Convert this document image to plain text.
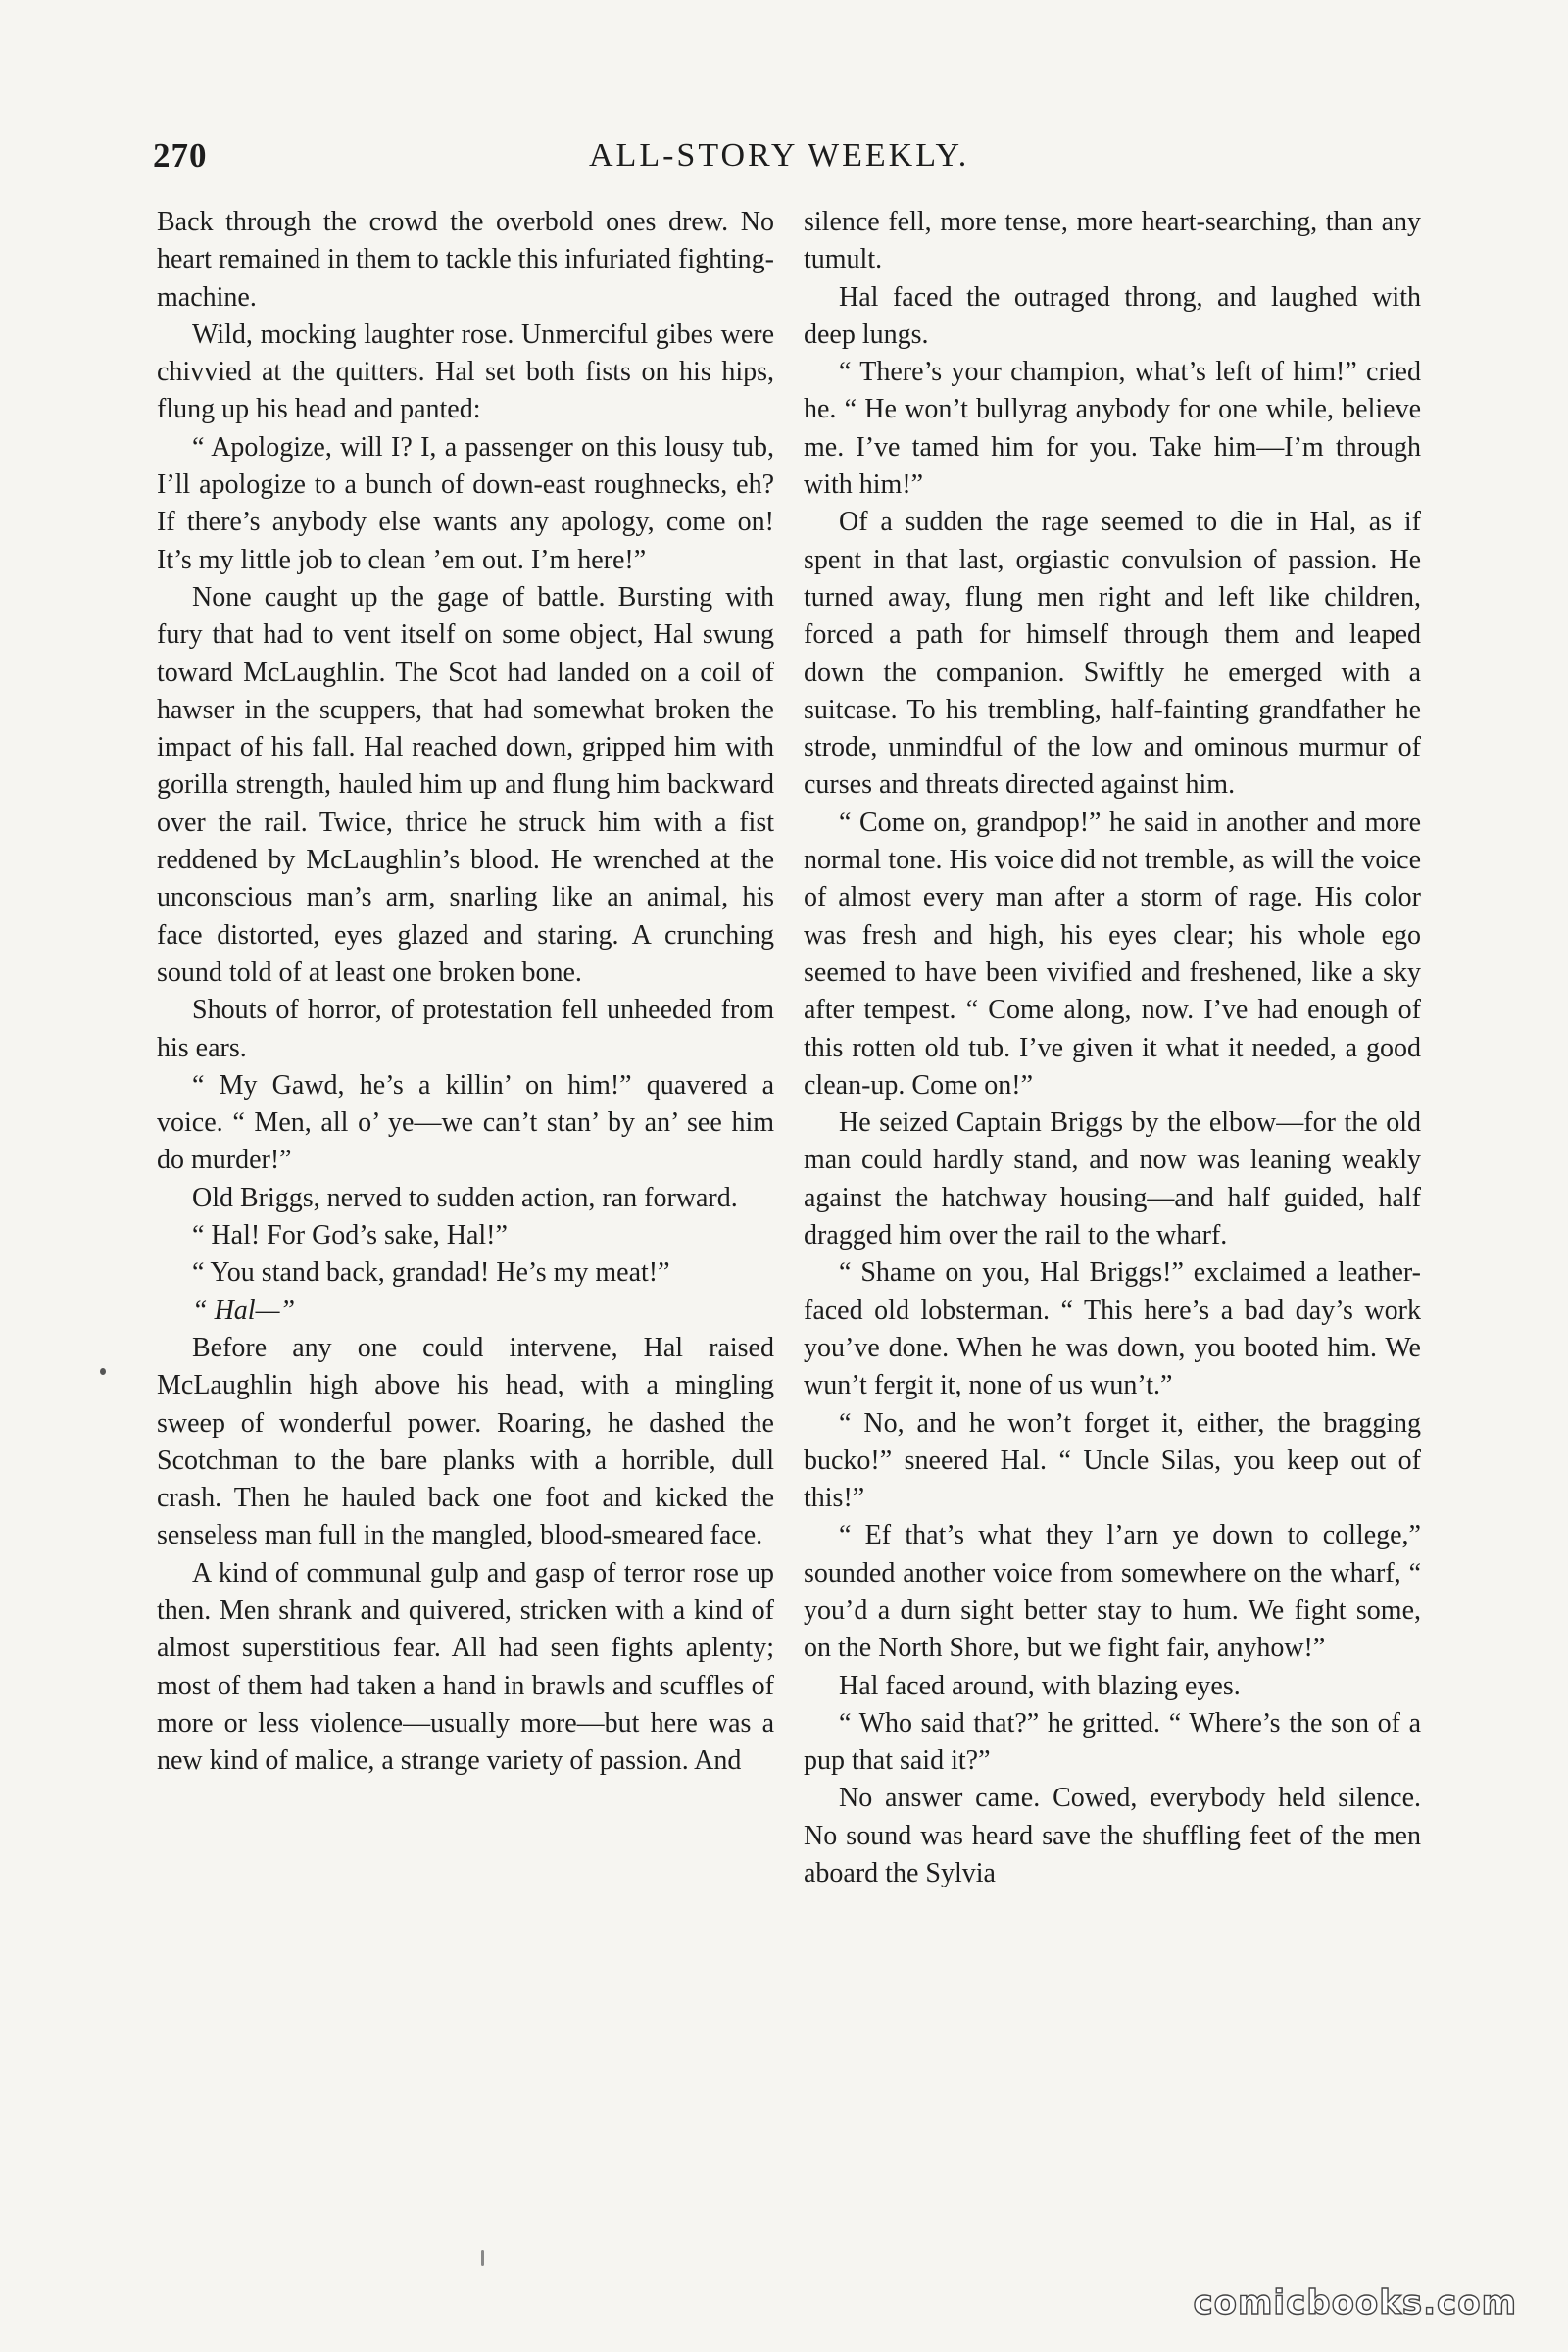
270	ALL-STORY WEEKLY.

Back through the crowd the overbold ones drew. No heart remained in them to tackle this infuriated fighting-machine.

Wild, mocking laughter rose. Unmerciful gibes were chivvied at the quitters. Hal set both fists on his hips, flung up his head and panted:

“ Apologize, will I? I, a passenger on this lousy tub, I’ll apologize to a bunch of down-east roughnecks, eh? If there’s anybody else wants any apology, come on! It’s my little job to clean ’em out. I’m here!”

None caught up the gage of battle. Bursting with fury that had to vent itself on some object, Hal swung toward McLaughlin. The Scot had landed on a coil of hawser in the scuppers, that had somewhat broken the impact of his fall. Hal reached down, gripped him with gorilla strength, hauled him up and flung him backward over the rail. Twice, thrice he struck him with a fist reddened by McLaughlin’s blood. He wrenched at the unconscious man’s arm, snarling like an animal, his face distorted, eyes glazed and staring. A crunching sound told of at least one broken bone.

Shouts of horror, of protestation fell unheeded from his ears.

“ My Gawd, he’s a killin’ on him!” quavered a voice. “ Men, all o’ ye—we can’t stan’ by an’ see him do murder!”

Old Briggs, nerved to sudden action, ran forward.

“ Hal! For God’s sake, Hal!”

“ You stand back, grandad! He’s my meat!”

“ Hal—”

Before any one could intervene, Hal raised McLaughlin high above his head, with a mingling sweep of wonderful power. Roaring, he dashed the Scotchman to the bare planks with a horrible, dull crash. Then he hauled back one foot and kicked the senseless man full in the mangled, blood-smeared face.

A kind of communal gulp and gasp of terror rose up then. Men shrank and quivered, stricken with a kind of almost superstitious fear. All had seen fights aplenty; most of them had taken a hand in brawls and scuffles of more or less violence—usually more—but here was a new kind of malice, a strange variety of passion. And

silence fell, more tense, more heart-searching, than any tumult.

Hal faced the outraged throng, and laughed with deep lungs.

“ There’s your champion, what’s left of him!” cried he. “ He won’t bullyrag anybody for one while, believe me. I’ve tamed him for you. Take him—I’m through with him!”

Of a sudden the rage seemed to die in Hal, as if spent in that last, orgiastic convulsion of passion. He turned away, flung men right and left like children, forced a path for himself through them and leaped down the companion. Swiftly he emerged with a suitcase. To his trembling, half-fainting grandfather he strode, unmindful of the low and ominous murmur of curses and threats directed against him.

“ Come on, grandpop!” he said in another and more normal tone. His voice did not tremble, as will the voice of almost every man after a storm of rage. His color was fresh and high, his eyes clear; his whole ego seemed to have been vivified and freshened, like a sky after tempest. “ Come along, now. I’ve had enough of this rotten old tub. I’ve given it what it needed, a good clean-up. Come on!”

He seized Captain Briggs by the elbow—for the old man could hardly stand, and now was leaning weakly against the hatchway housing—and half guided, half dragged him over the rail to the wharf.

“ Shame on you, Hal Briggs!” exclaimed a leather-faced old lobsterman. “ This here’s a bad day’s work you’ve done. When he was down, you booted him. We wun’t fergit it, none of us wun’t.”

“ No, and he won’t forget it, either, the bragging bucko!” sneered Hal. “ Uncle Silas, you keep out of this!”

“ Ef that’s what they l’arn ye down to college,” sounded another voice from somewhere on the wharf, “ you’d a durn sight better stay to hum. We fight some, on the North Shore, but we fight fair, anyhow!”

Hal faced around, with blazing eyes.

“ Who said that?” he gritted. “ Where’s the son of a pup that said it?”

No answer came. Cowed, everybody held silence. No sound was heard save the shuffling feet of the men aboard the Sylvia

comicbooks.com
